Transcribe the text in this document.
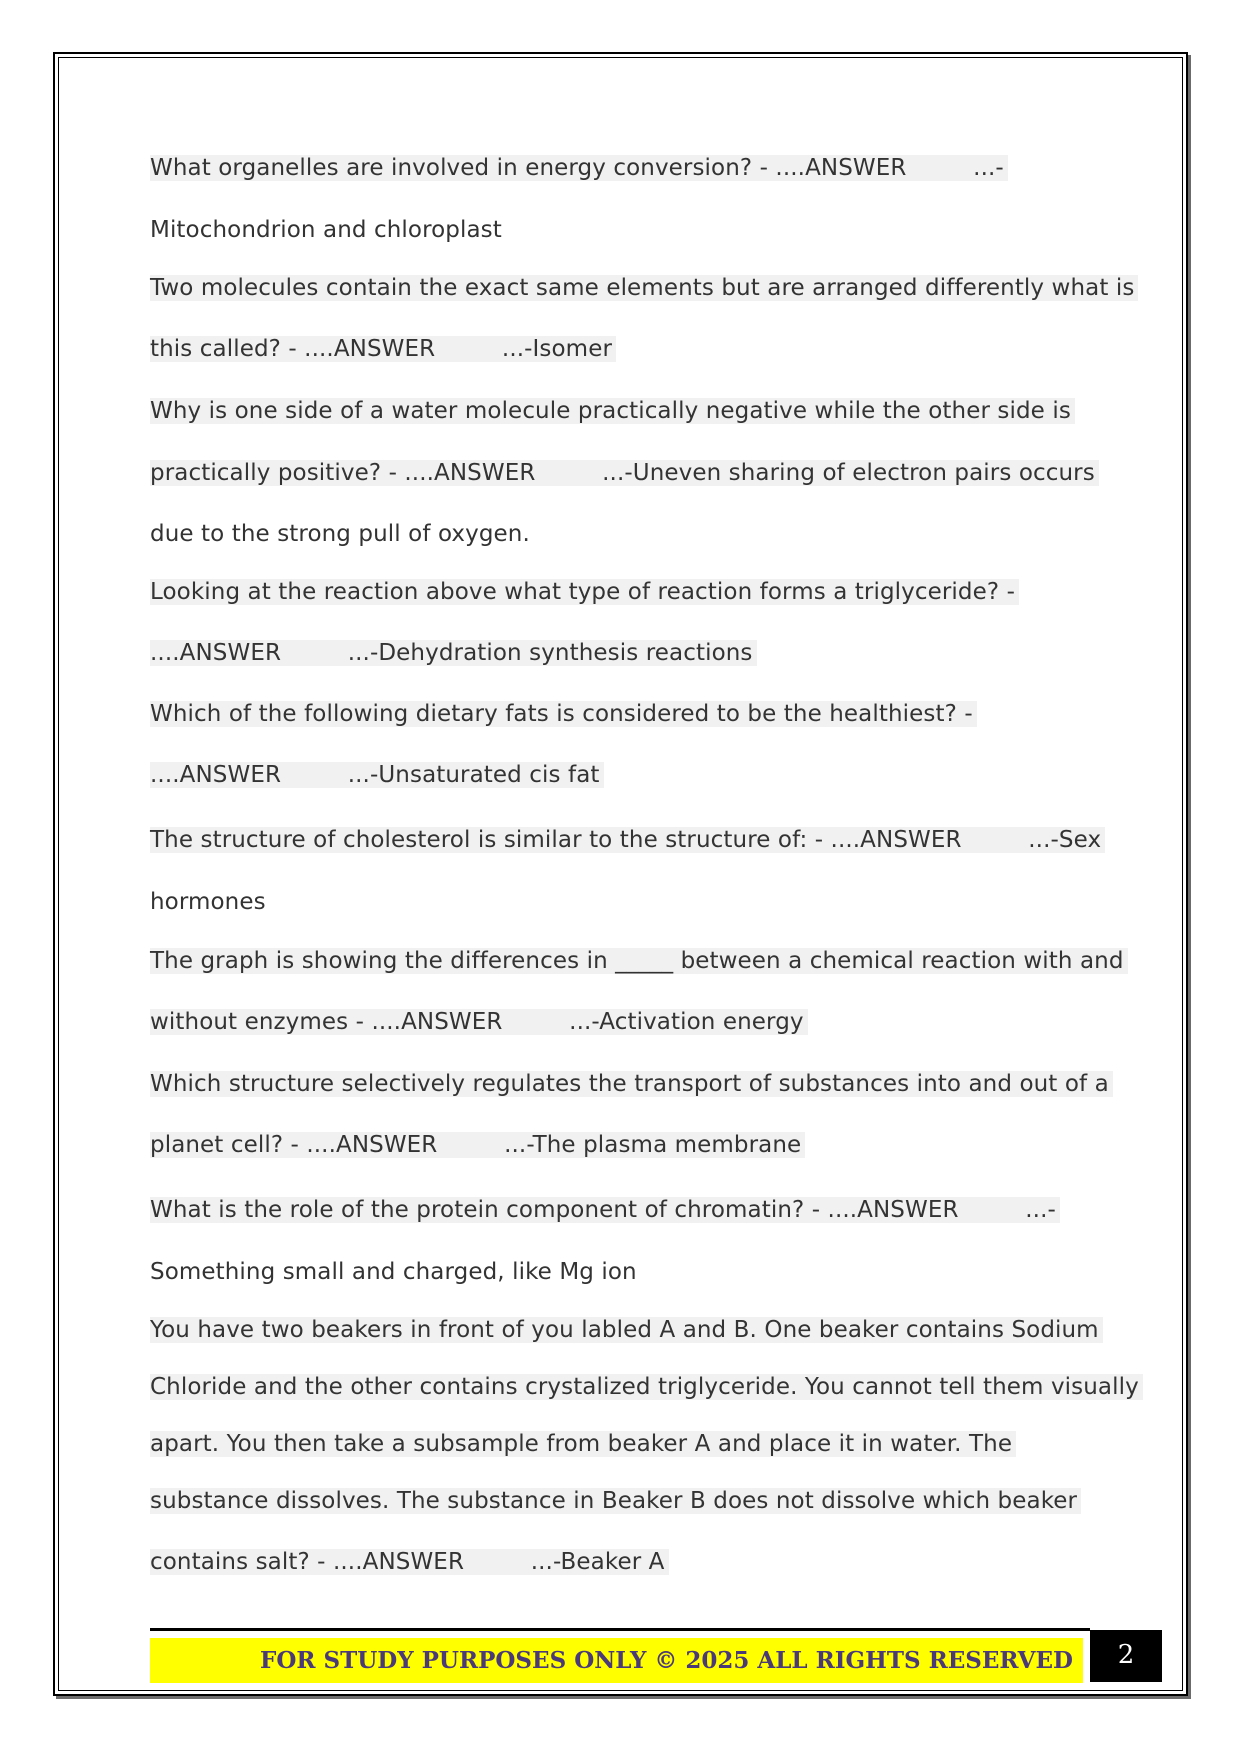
What organelles are involved in energy conversion? - ....ANSWER         ...-
Mitochondrion and chloroplast
Two molecules contain the exact same elements but are arranged differently what is
this called? - ....ANSWER         ...-Isomer
Why is one side of a water molecule practically negative while the other side is
practically positive? - ....ANSWER         ...-Uneven sharing of electron pairs occurs
due to the strong pull of oxygen.
Looking at the reaction above what type of reaction forms a triglyceride? -
....ANSWER         ...-Dehydration synthesis reactions
Which of the following dietary fats is considered to be the healthiest? -
....ANSWER         ...-Unsaturated cis fat
The structure of cholesterol is similar to the structure of: - ....ANSWER         ...-Sex
hormones
The graph is showing the differences in _____ between a chemical reaction with and
without enzymes - ....ANSWER         ...-Activation energy
Which structure selectively regulates the transport of substances into and out of a
planet cell? - ....ANSWER         ...-The plasma membrane
What is the role of the protein component of chromatin? - ....ANSWER         ...-
Something small and charged, like Mg ion
You have two beakers in front of you labled A and B. One beaker contains Sodium
Chloride and the other contains crystalized triglyceride. You cannot tell them visually
apart. You then take a subsample from beaker A and place it in water. The
substance dissolves. The substance in Beaker B does not dissolve which beaker
contains salt? - ....ANSWER         ...-Beaker A
FOR STUDY PURPOSES ONLY © 2025 ALL RIGHTS RESERVED	2
